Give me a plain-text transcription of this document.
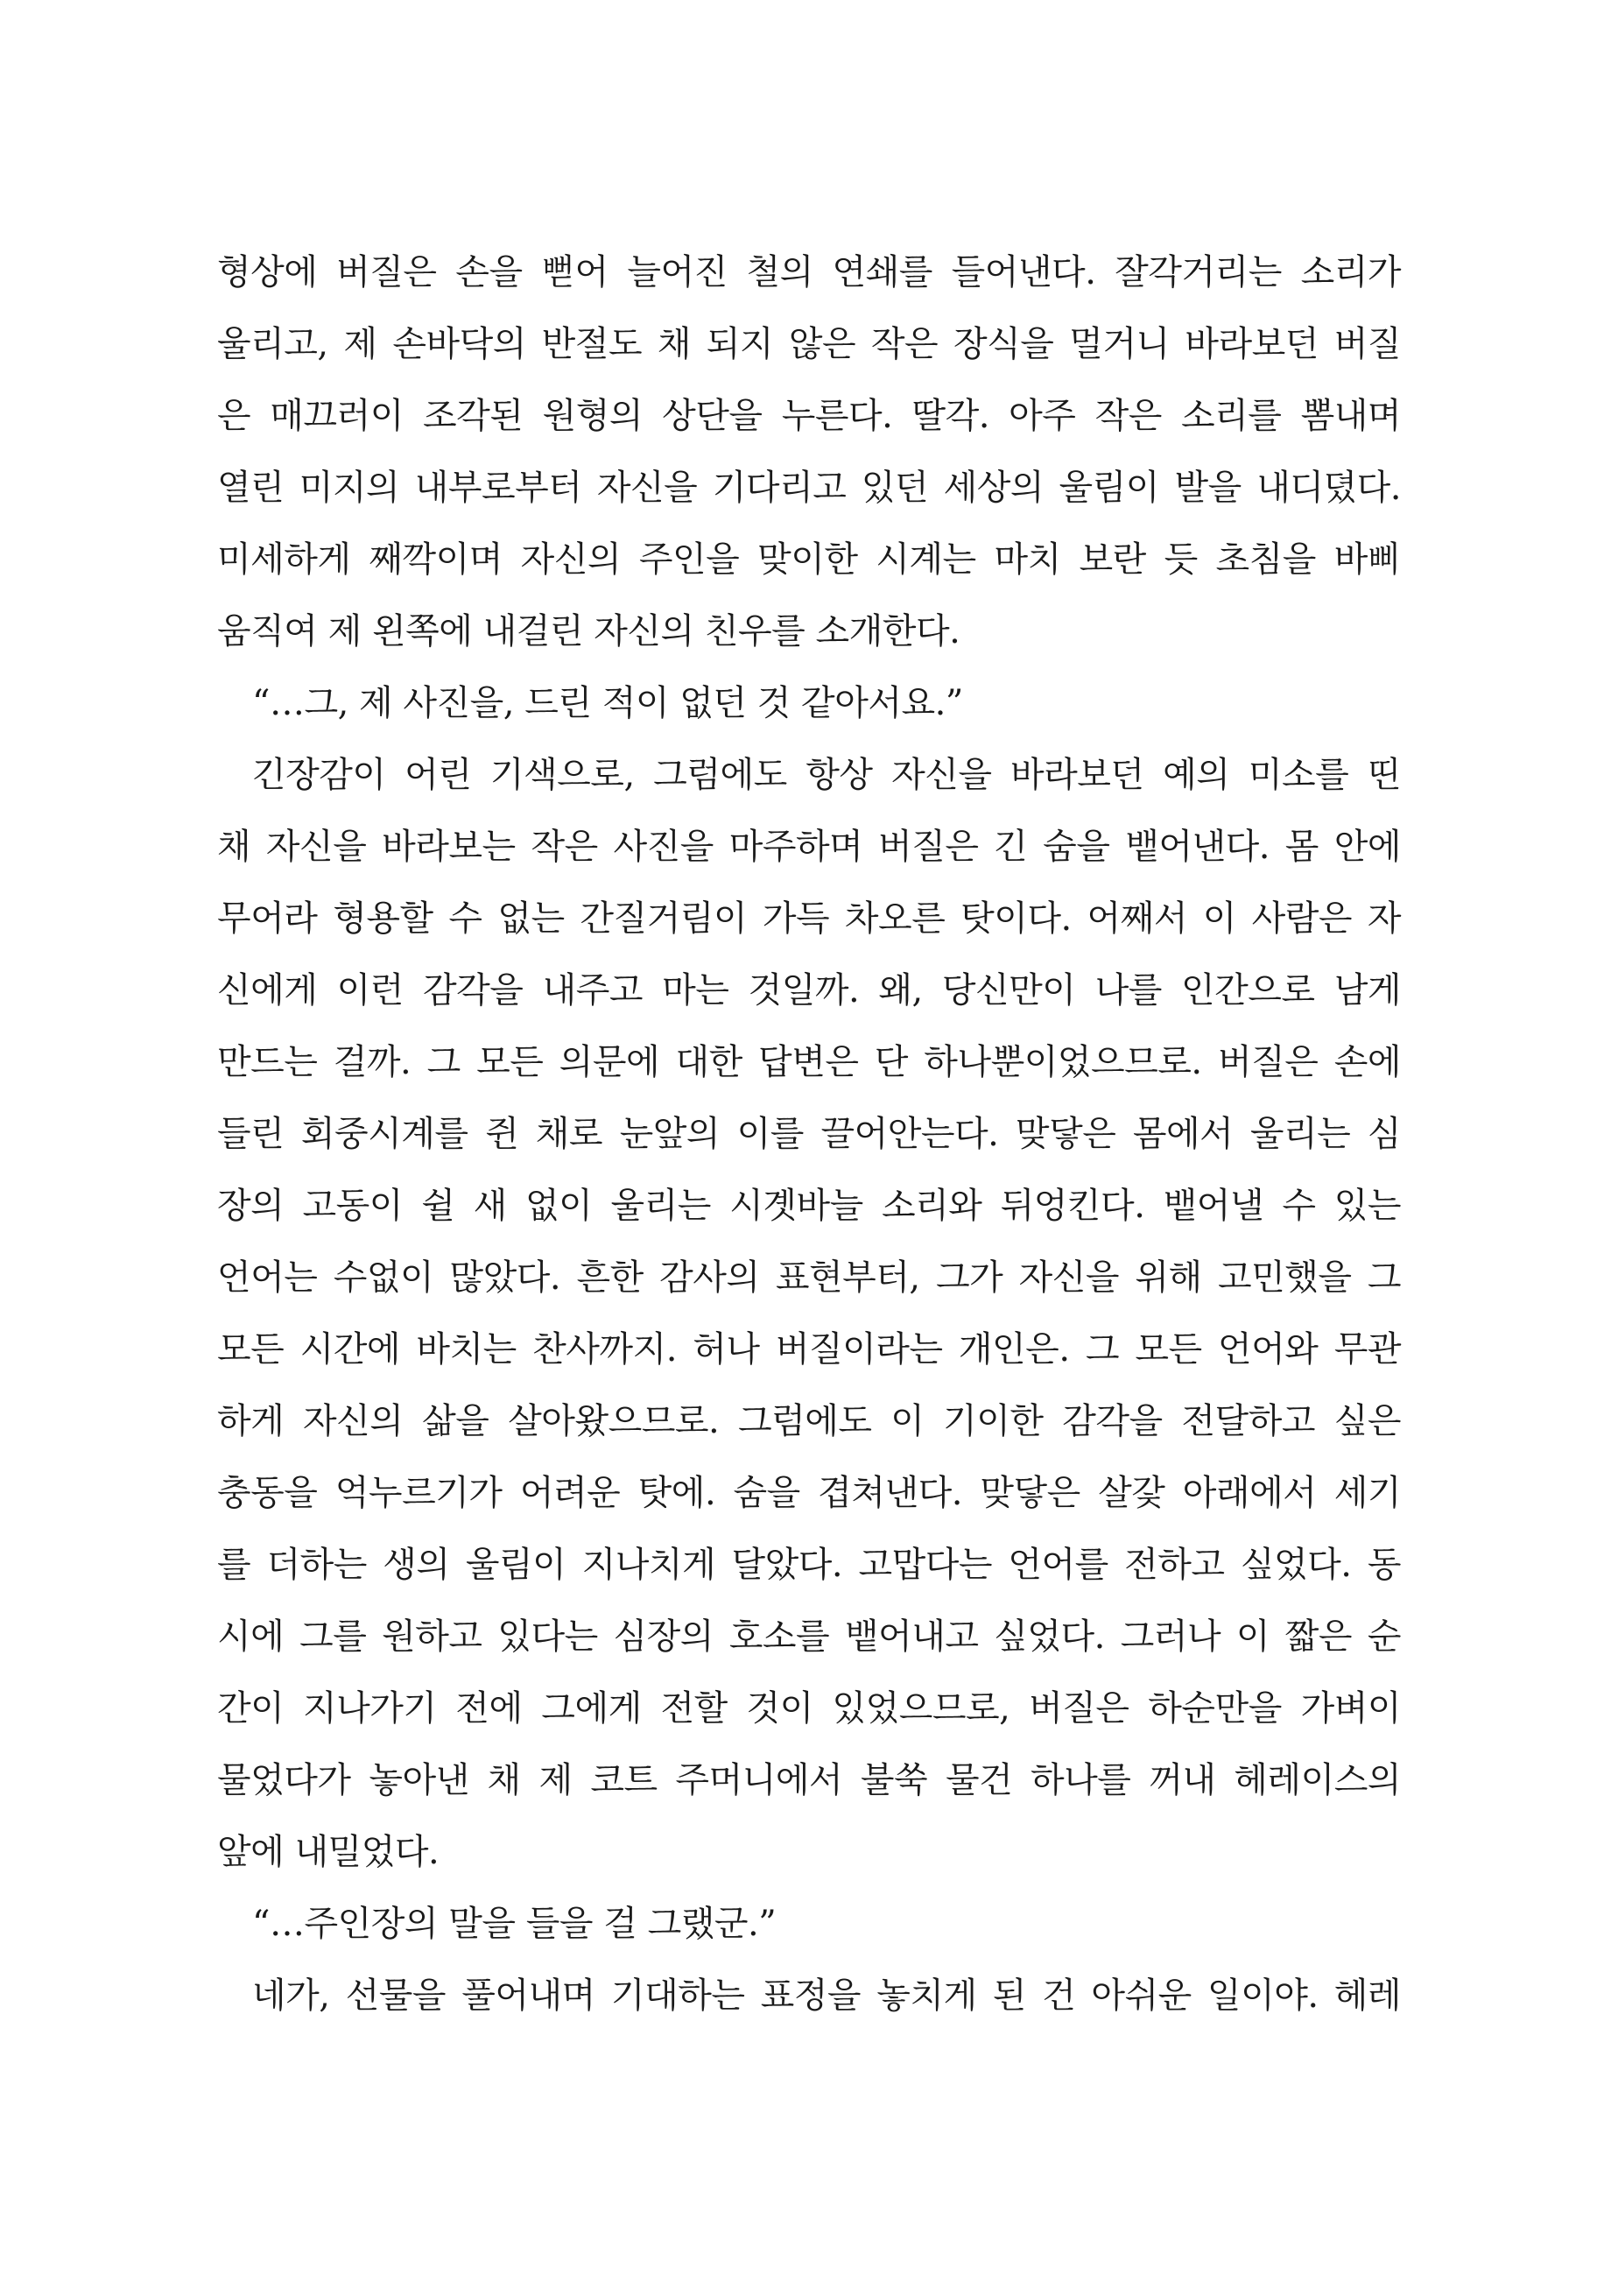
형상에 버질은 손을 뻗어 늘어진 철의 연쇄를 들어낸다. 잘각거리는 소리가
울리고, 제 손바닥의 반절도 채 되지 않은 작은 장식을 멀거니 바라보던 버질
은 매끄러이 조각된 원형의 상단을 누른다. 딸각. 아주 작은 소리를 뽐내며
열린 미지의 내부로부터 자신을 기다리고 있던 세상의 울림이 발을 내디뎠다.
미세하게 째깍이며 자신의 주인을 맞이한 시계는 마치 보란 듯 초침을 바삐
움직여 제 왼쪽에 내걸린 자신의 친우를 소개한다.
“…그, 제 사진을, 드린 적이 없던 것 같아서요.”
긴장감이 어린 기색으로, 그럼에도 항상 자신을 바라보던 예의 미소를 띤
채 자신을 바라보는 작은 사진을 마주하며 버질은 긴 숨을 뱉어낸다. 몸 안에
무어라 형용할 수 없는 간질거림이 가득 차오른 탓이다. 어째서 이 사람은 자
신에게 이런 감각을 내주고 마는 것일까. 왜, 당신만이 나를 인간으로 남게
만드는 걸까. 그 모든 의문에 대한 답변은 단 하나뿐이었으므로. 버질은 손에
들린 회중시계를 쥔 채로 눈앞의 이를 끌어안는다. 맞닿은 몸에서 울리는 심
장의 고동이 쉴 새 없이 울리는 시곗바늘 소리와 뒤엉킨다. 뱉어낼 수 있는
언어는 수없이 많았다. 흔한 감사의 표현부터, 그가 자신을 위해 고민했을 그
모든 시간에 바치는 찬사까지. 허나 버질이라는 개인은. 그 모든 언어와 무관
하게 자신의 삶을 살아왔으므로. 그럼에도 이 기이한 감각을 전달하고 싶은
충동을 억누르기가 어려운 탓에. 숨을 겹쳐낸다. 맞닿은 살갗 아래에서 세기
를 더하는 생의 울림이 지나치게 달았다. 고맙다는 언어를 전하고 싶었다. 동
시에 그를 원하고 있다는 심장의 호소를 뱉어내고 싶었다. 그러나 이 짧은 순
간이 지나가기 전에 그에게 전할 것이 있었으므로, 버질은 하순만을 가벼이
물었다가 놓아낸 채 제 코트 주머니에서 불쑥 물건 하나를 꺼내 헤레이스의
앞에 내밀었다.
“…주인장의 말을 들을 걸 그랬군.”
네가, 선물을 풀어내며 기대하는 표정을 놓치게 된 건 아쉬운 일이야. 헤레
